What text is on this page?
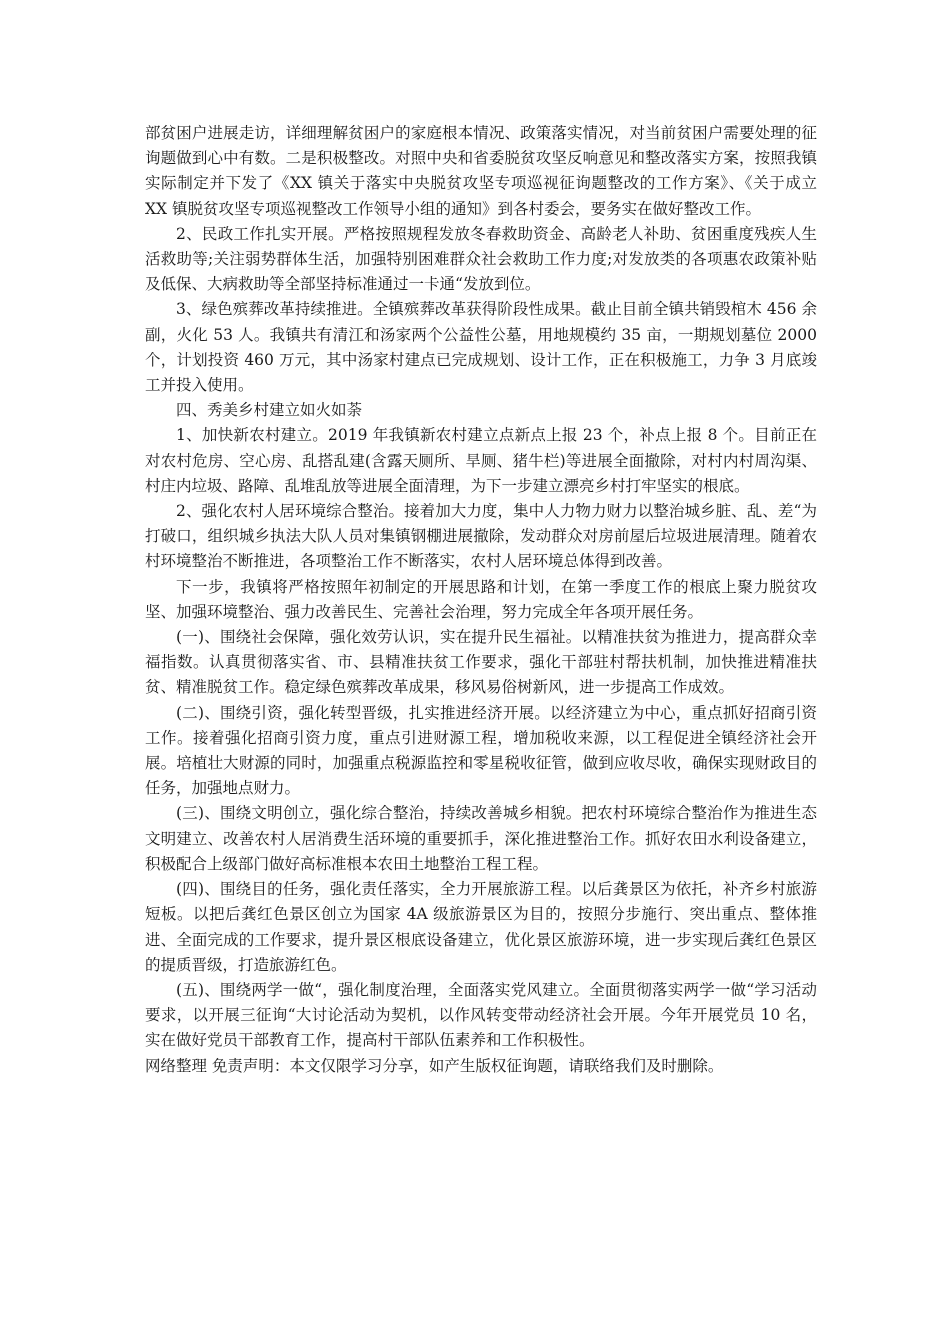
部贫困户进展走访，详细理解贫困户的家庭根本情况、政策落实情况，对当前贫困户需要处理的征询题做到心中有数。二是积极整改。对照中央和省委脱贫攻坚反响意见和整改落实方案，按照我镇实际制定并下发了《XX 镇关于落实中央脱贫攻坚专项巡视征询题整改的工作方案》、《关于成立 XX 镇脱贫攻坚专项巡视整改工作领导小组的通知》到各村委会，要务实在做好整改工作。

2、民政工作扎实开展。严格按照规程发放冬春救助资金、高龄老人补助、贫困重度残疾人生活救助等;关注弱势群体生活，加强特别困难群众社会救助工作力度;对发放类的各项惠农政策补贴及低保、大病救助等全部坚持标准通过一卡通“发放到位。

3、绿色殡葬改革持续推进。全镇殡葬改革获得阶段性成果。截止目前全镇共销毁棺木 456 余副，火化 53 人。我镇共有清江和汤家两个公益性公墓，用地规模约 35 亩，一期规划墓位 2000 个，计划投资 460 万元，其中汤家村建点已完成规划、设计工作，正在积极施工，力争 3 月底竣工并投入使用。

四、秀美乡村建立如火如荼

1、加快新农村建立。2019 年我镇新农村建立点新点上报 23 个，补点上报 8 个。目前正在对农村危房、空心房、乱搭乱建(含露天厕所、旱厕、猪牛栏)等进展全面撤除，对村内村周沟渠、村庄内垃圾、路障、乱堆乱放等进展全面清理，为下一步建立漂亮乡村打牢坚实的根底。

2、强化农村人居环境综合整治。接着加大力度，集中人力物力财力以整治城乡脏、乱、差“为打破口，组织城乡执法大队人员对集镇钢棚进展撤除，发动群众对房前屋后垃圾进展清理。随着农村环境整治不断推进，各项整治工作不断落实，农村人居环境总体得到改善。

下一步，我镇将严格按照年初制定的开展思路和计划，在第一季度工作的根底上聚力脱贫攻坚、加强环境整治、强力改善民生、完善社会治理，努力完成全年各项开展任务。

(一)、围绕社会保障，强化效劳认识，实在提升民生福祉。以精准扶贫为推进力，提高群众幸福指数。认真贯彻落实省、市、县精准扶贫工作要求，强化干部驻村帮扶机制，加快推进精准扶贫、精准脱贫工作。稳定绿色殡葬改革成果，移风易俗树新风，进一步提高工作成效。

(二)、围绕引资，强化转型晋级，扎实推进经济开展。以经济建立为中心，重点抓好招商引资工作。接着强化招商引资力度，重点引进财源工程，增加税收来源，以工程促进全镇经济社会开展。培植壮大财源的同时，加强重点税源监控和零星税收征管，做到应收尽收，确保实现财政目的任务，加强地点财力。

(三)、围绕文明创立，强化综合整治，持续改善城乡相貌。把农村环境综合整治作为推进生态文明建立、改善农村人居消费生活环境的重要抓手，深化推进整治工作。抓好农田水利设备建立，积极配合上级部门做好高标准根本农田土地整治工程工程。

(四)、围绕目的任务，强化责任落实，全力开展旅游工程。以后龚景区为依托，补齐乡村旅游短板。以把后龚红色景区创立为国家 4A 级旅游景区为目的，按照分步施行、突出重点、整体推进、全面完成的工作要求，提升景区根底设备建立，优化景区旅游环境，进一步实现后龚红色景区的提质晋级，打造旅游红色。

(五)、围绕两学一做“，强化制度治理，全面落实党风建立。全面贯彻落实两学一做“学习活动要求，以开展三征询“大讨论活动为契机，以作风转变带动经济社会开展。今年开展党员 10 名，实在做好党员干部教育工作，提高村干部队伍素养和工作积极性。

网络整理 免责声明：本文仅限学习分享，如产生版权征询题，请联络我们及时删除。
